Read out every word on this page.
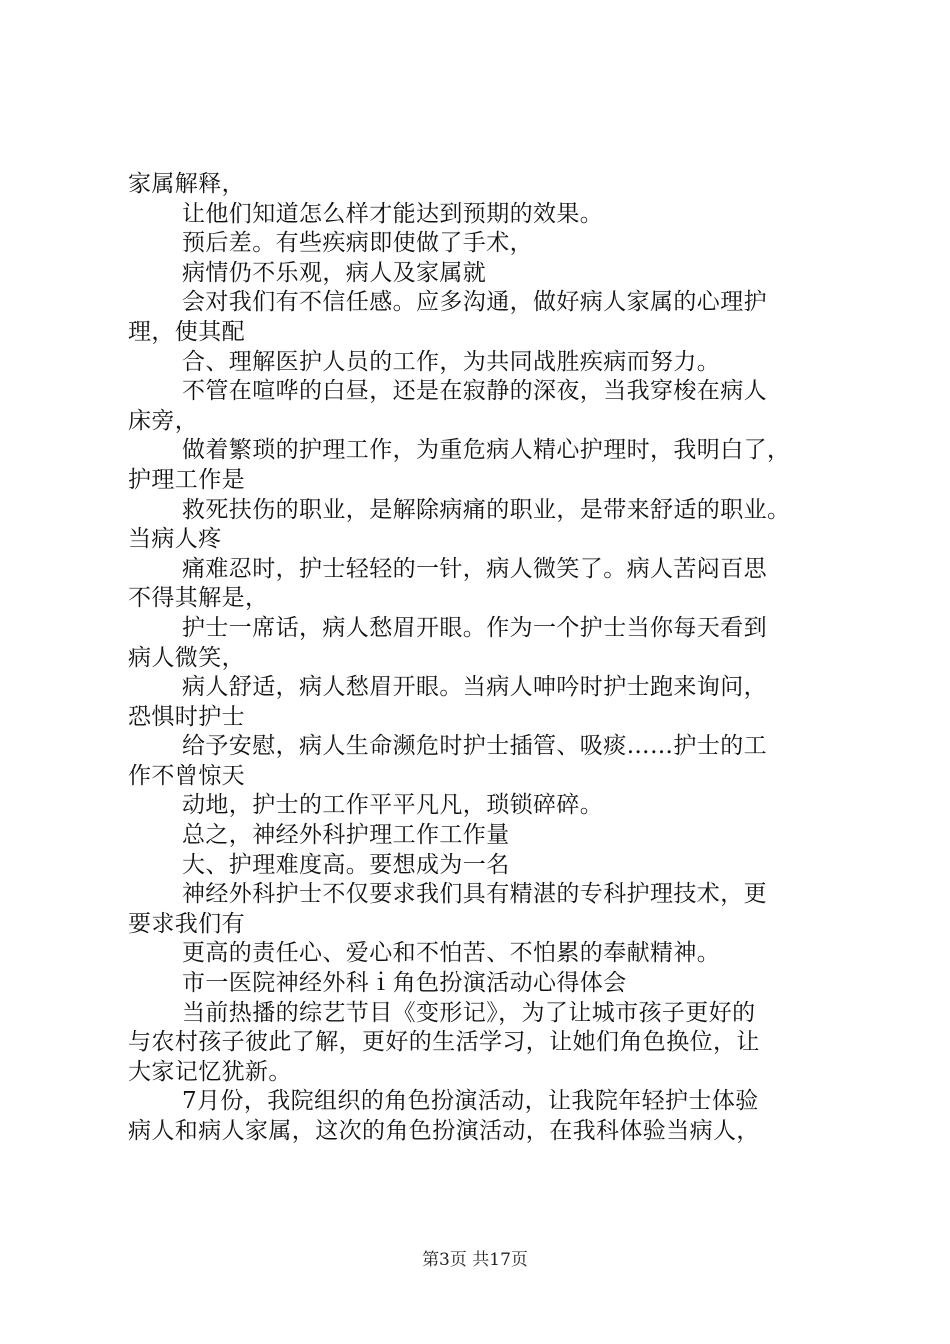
家属解释，
让他们知道怎么样才能达到预期的效果。
预后差。有些疾病即使做了手术，
病情仍不乐观，病人及家属就
会对我们有不信任感。应多沟通，做好病人家属的心理护
理，使其配
合、理解医护人员的工作，为共同战胜疾病而努力。
不管在喧哗的白昼，还是在寂静的深夜，当我穿梭在病人
床旁，
做着繁琐的护理工作，为重危病人精心护理时，我明白了，
护理工作是
救死扶伤的职业，是解除病痛的职业，是带来舒适的职业。
当病人疼
痛难忍时，护士轻轻的一针，病人微笑了。病人苦闷百思
不得其解是，
护士一席话，病人愁眉开眼。作为一个护士当你每天看到
病人微笑，
病人舒适，病人愁眉开眼。当病人呻吟时护士跑来询问，
恐惧时护士
给予安慰，病人生命濒危时护士插管、吸痰……护士的工
作不曾惊天
动地，护士的工作平平凡凡，琐锁碎碎。
总之，神经外科护理工作工作量
大、护理难度高。要想成为一名
神经外科护士不仅要求我们具有精湛的专科护理技术，更
要求我们有
更高的责任心、爱心和不怕苦、不怕累的奉献精神。
市一医院神经外科ｉ角色扮演活动心得体会
当前热播的综艺节目《变形记》，为了让城市孩子更好的
与农村孩子彼此了解，更好的生活学习，让她们角色换位，让
大家记忆犹新。
7月份，我院组织的角色扮演活动，让我院年轻护士体验
病人和病人家属，这次的角色扮演活动，在我科体验当病人，
第3页 共17页
